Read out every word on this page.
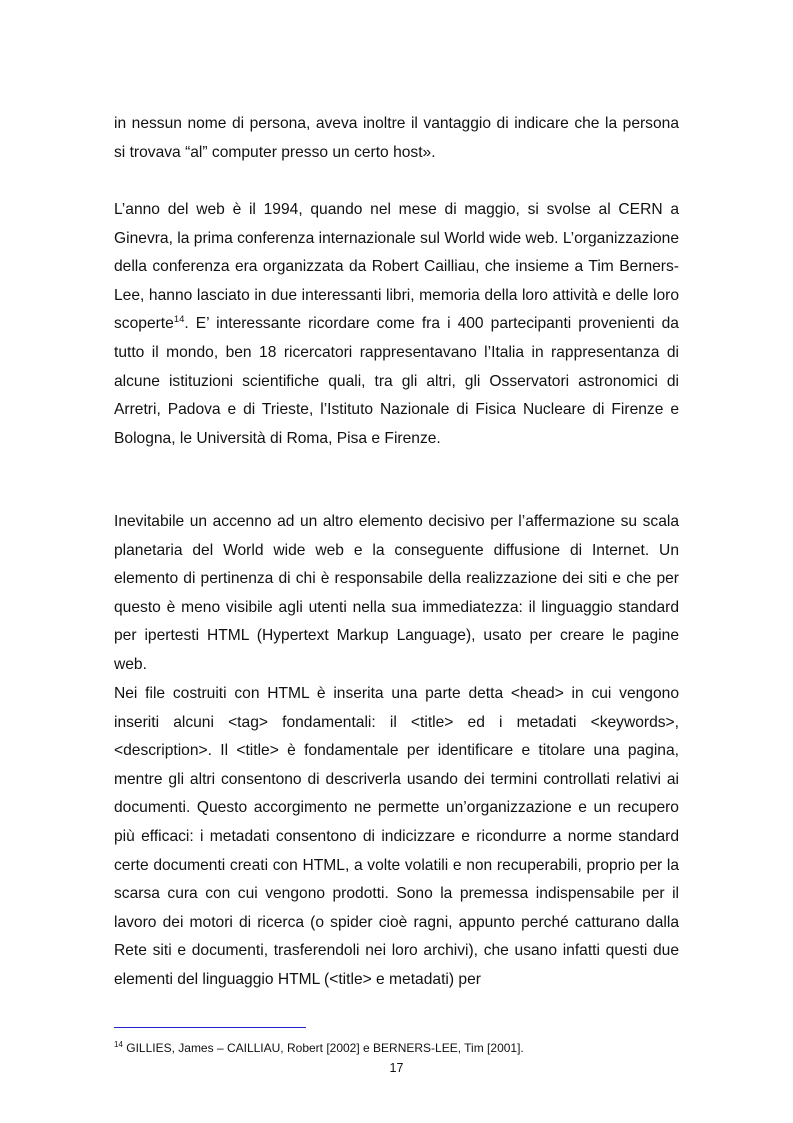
in nessun nome di persona, aveva inoltre il vantaggio di indicare che la persona si trovava “al” computer presso un certo host».

L’anno del web è il 1994, quando nel mese di maggio, si svolse al CERN a Ginevra, la prima conferenza internazionale sul World wide web. L’organizzazione della conferenza era organizzata da Robert Cailliau, che insieme a Tim Berners-Lee, hanno lasciato in due interessanti libri, memoria della loro attività e delle loro scoperte$^{14}$. E’ interessante ricordare come fra i 400 partecipanti provenienti da tutto il mondo, ben 18 ricercatori rappresentavano l’Italia in rappresentanza di alcune istituzioni scientifiche quali, tra gli altri, gli Osservatori astronomici di Arretri, Padova e di Trieste, l’Istituto Nazionale di Fisica Nucleare di Firenze e Bologna, le Università di Roma, Pisa e Firenze.

Inevitabile un accenno ad un altro elemento decisivo per l’affermazione su scala planetaria del World wide web e la conseguente diffusione di Internet. Un elemento di pertinenza di chi è responsabile della realizzazione dei siti e che per questo è meno visibile agli utenti nella sua immediatezza: il linguaggio standard per ipertesti HTML (Hypertext Markup Language), usato per creare le pagine web.

Nei file costruiti con HTML è inserita una parte detta <head> in cui vengono inseriti alcuni <tag> fondamentali: il <title> ed i metadati <keywords>, <description>. Il <title> è fondamentale per identificare e titolare una pagina, mentre gli altri consentono di descriverla usando dei termini controllati relativi ai documenti. Questo accorgimento ne permette un’organizzazione e un recupero più efficaci: i metadati consentono di indicizzare e ricondurre a norme standard certe documenti creati con HTML, a volte volatili e non recuperabili, proprio per la scarsa cura con cui vengono prodotti. Sono la premessa indispensabile per il lavoro dei motori di ricerca (o spider cioè ragni, appunto perché catturano dalla Rete siti e documenti, trasferendoli nei loro archivi), che usano infatti questi due elementi del linguaggio HTML (<title> e metadati) per

$^{14}$ GILLIES, James – CAILLIAU, Robert [2002] e BERNERS-LEE, Tim [2001].

17
